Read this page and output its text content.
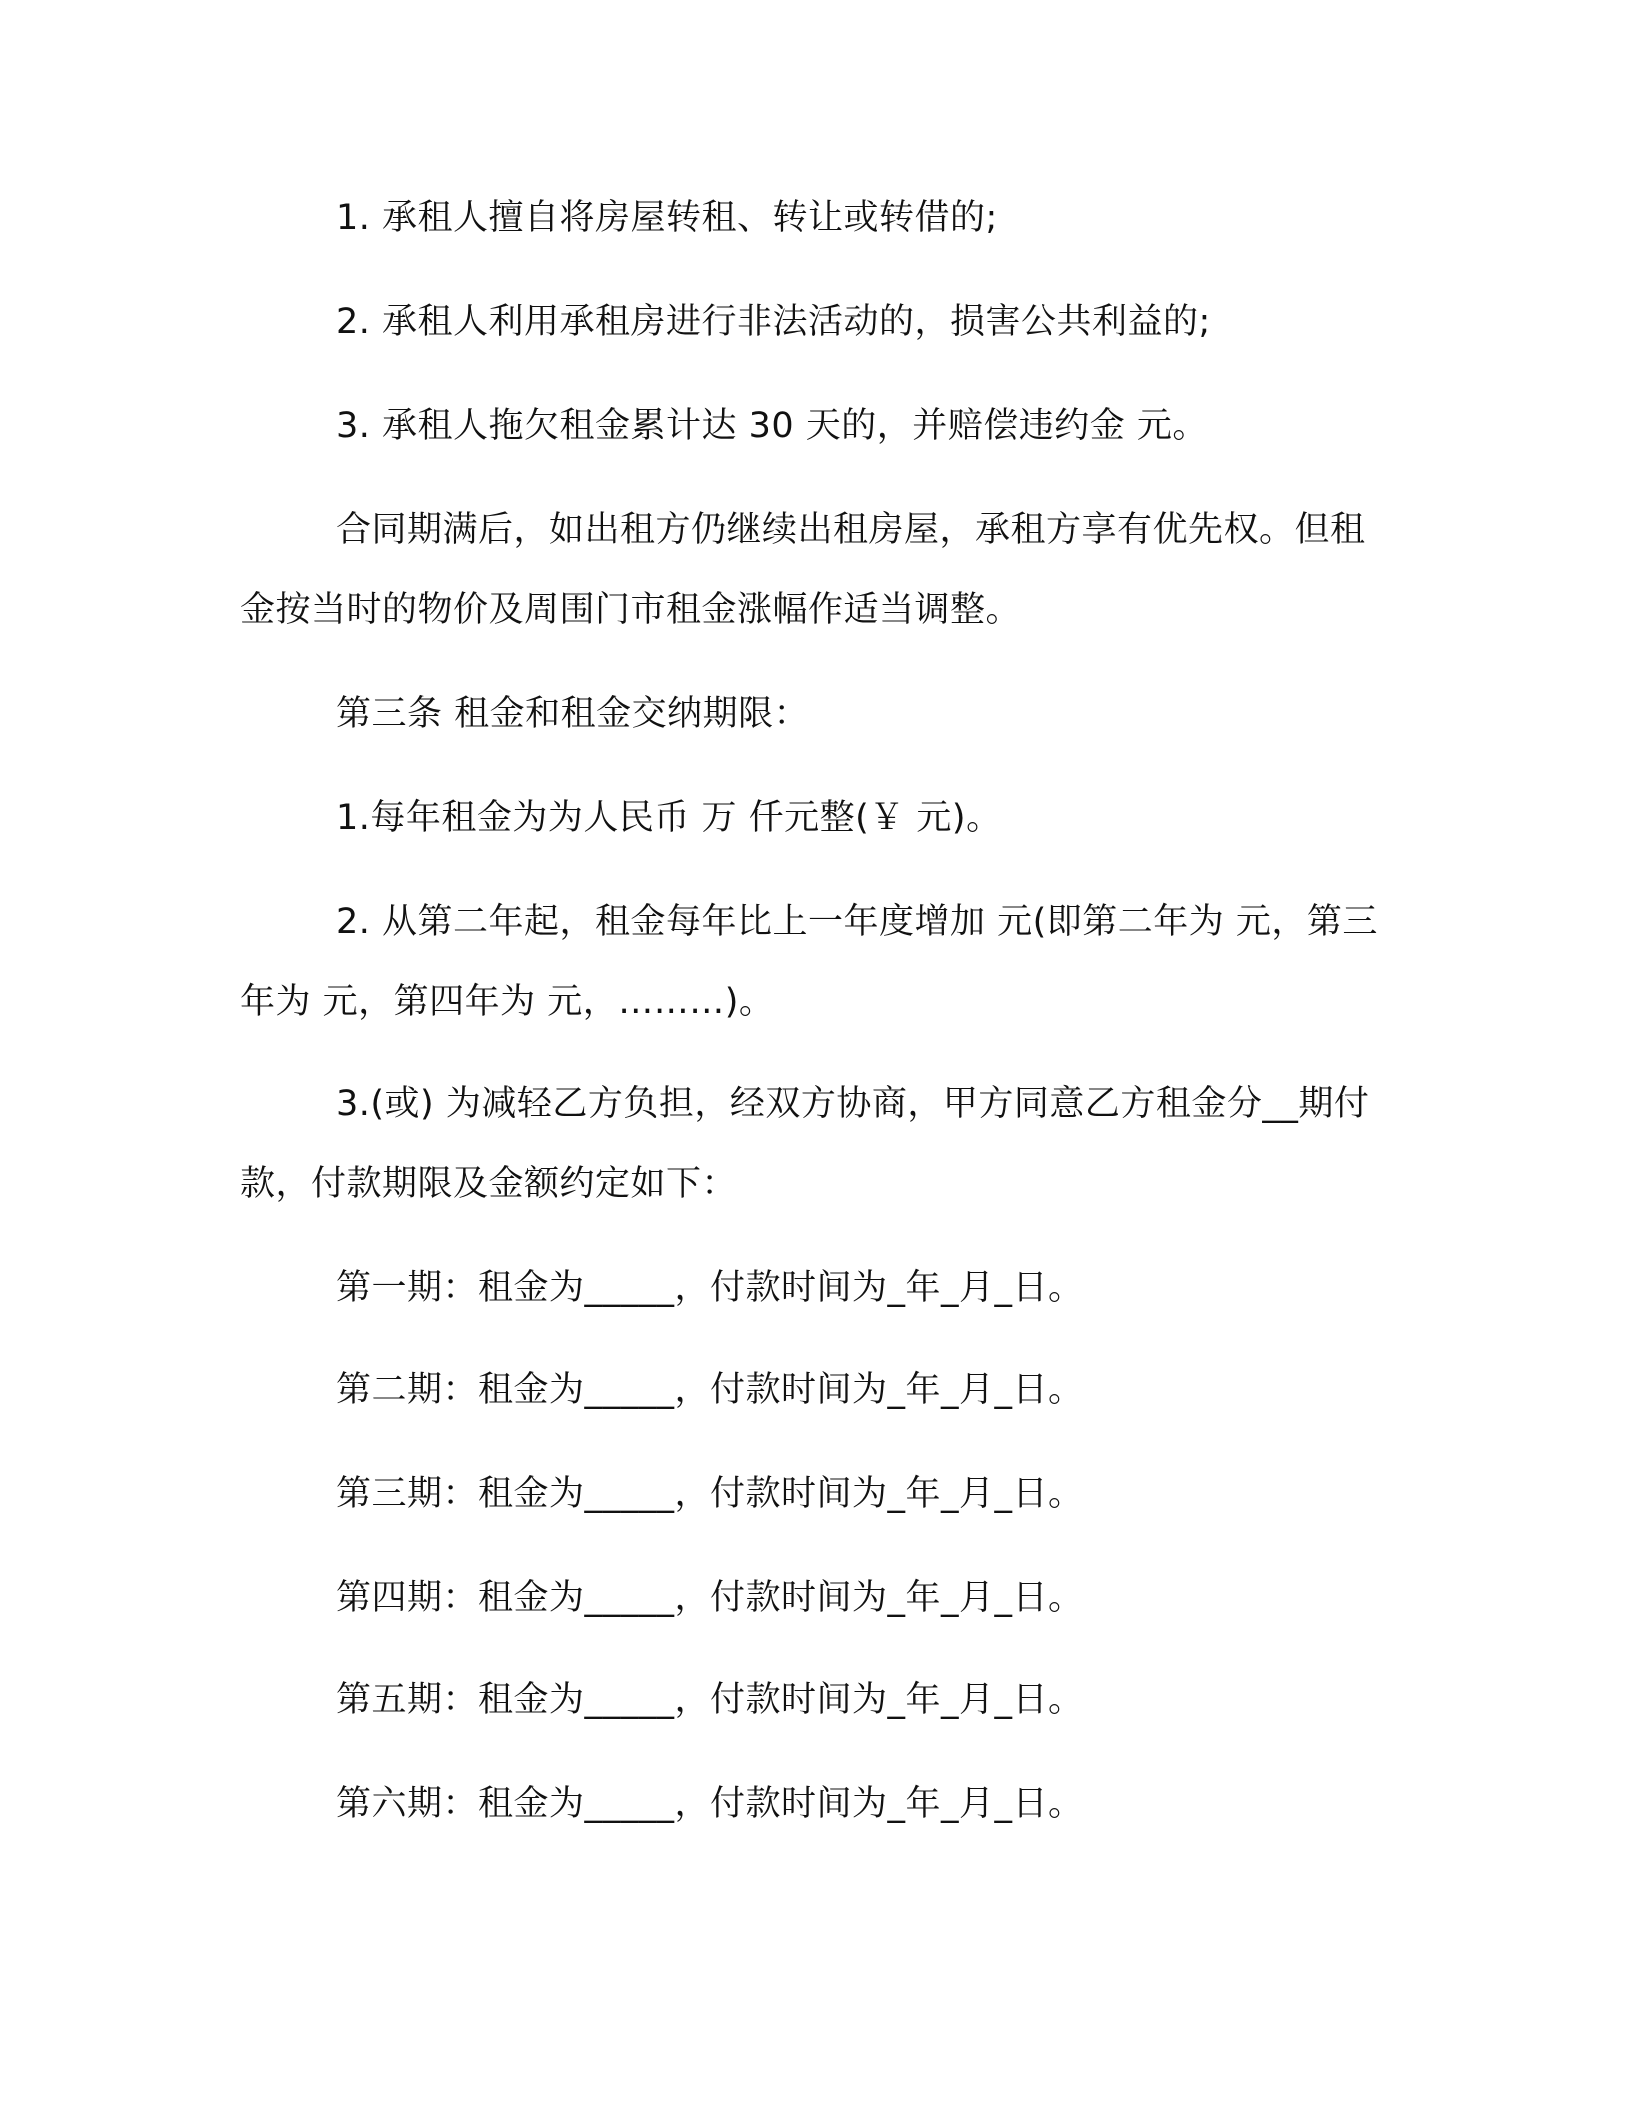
1. 承租人擅自将房屋转租、转让或转借的;
2. 承租人利用承租房进行非法活动的，损害公共利益的;
3. 承租人拖欠租金累计达 30 天的，并赔偿违约金 元。
合同期满后，如出租方仍继续出租房屋，承租方享有优先权。但租金按当时的物价及周围门市租金涨幅作适当调整。
第三条 租金和租金交纳期限：
1.每年租金为为人民币 万 仟元整(￥ 元)。
2. 从第二年起，租金每年比上一年度增加 元(即第二年为 元，第三年为 元，第四年为 元，………)。
3.(或) 为减轻乙方负担，经双方协商，甲方同意乙方租金分__期付款，付款期限及金额约定如下：
第一期：租金为_____，付款时间为_年_月_日。
第二期：租金为_____，付款时间为_年_月_日。
第三期：租金为_____，付款时间为_年_月_日。
第四期：租金为_____，付款时间为_年_月_日。
第五期：租金为_____，付款时间为_年_月_日。
第六期：租金为_____，付款时间为_年_月_日。
